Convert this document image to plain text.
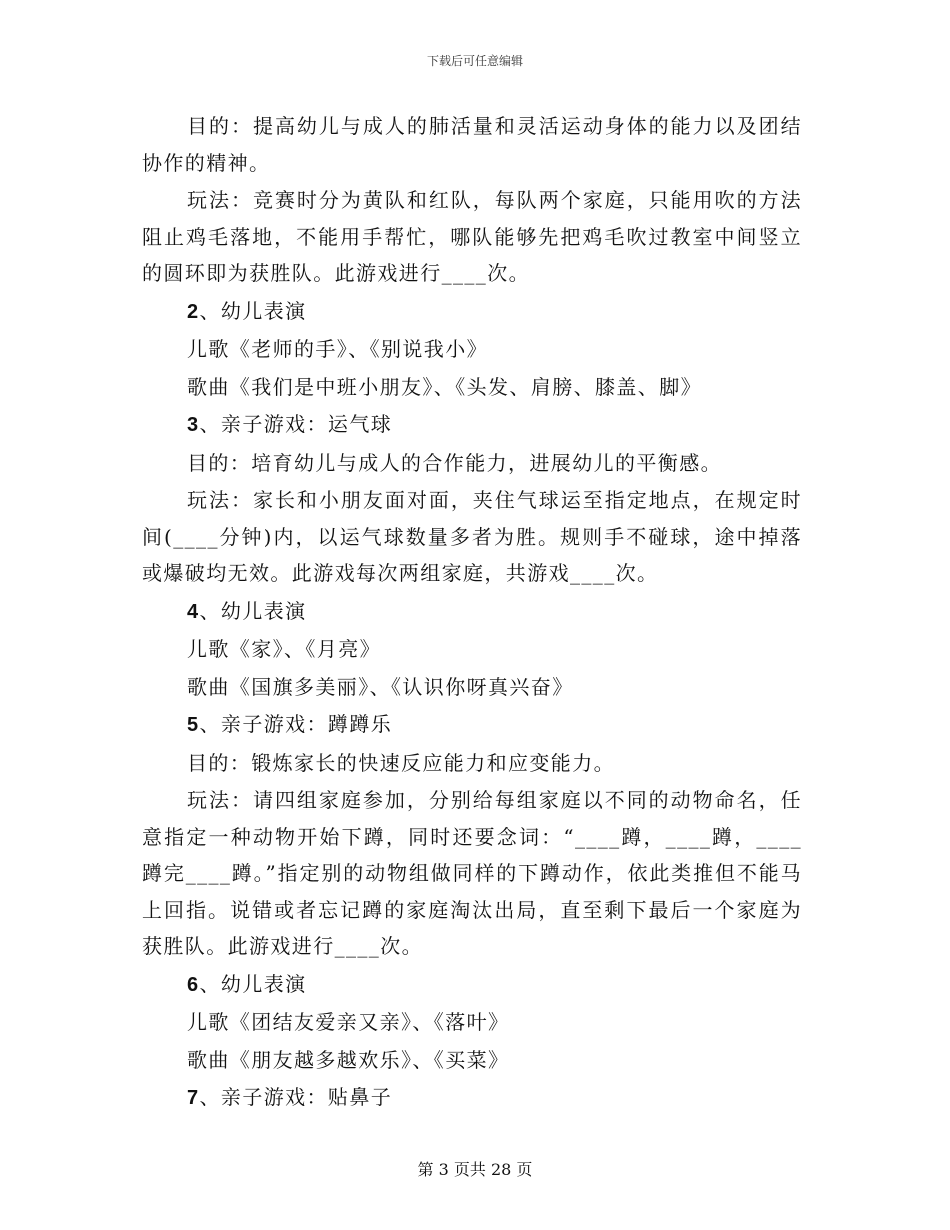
下载后可任意编辑

目的：提高幼儿与成人的肺活量和灵活运动身体的能力以及团结协作的精神。

玩法：竞赛时分为黄队和红队，每队两个家庭，只能用吹的方法阻止鸡毛落地，不能用手帮忙，哪队能够先把鸡毛吹过教室中间竖立的圆环即为获胜队。此游戏进行____次。

2、幼儿表演

儿歌《老师的手》、《别说我小》

歌曲《我们是中班小朋友》、《头发、肩膀、膝盖、脚》

3、亲子游戏：运气球

目的：培育幼儿与成人的合作能力，进展幼儿的平衡感。

玩法：家长和小朋友面对面，夹住气球运至指定地点，在规定时间(____分钟)内，以运气球数量多者为胜。规则手不碰球，途中掉落或爆破均无效。此游戏每次两组家庭，共游戏____次。

4、幼儿表演

儿歌《家》、《月亮》

歌曲《国旗多美丽》、《认识你呀真兴奋》

5、亲子游戏：蹲蹲乐

目的：锻炼家长的快速反应能力和应变能力。

玩法：请四组家庭参加，分别给每组家庭以不同的动物命名，任意指定一种动物开始下蹲，同时还要念词：“____蹲，____蹲，____蹲完____蹲。”指定别的动物组做同样的下蹲动作，依此类推但不能马上回指。说错或者忘记蹲的家庭淘汰出局，直至剩下最后一个家庭为获胜队。此游戏进行____次。

6、幼儿表演

儿歌《团结友爱亲又亲》、《落叶》

歌曲《朋友越多越欢乐》、《买菜》

7、亲子游戏：贴鼻子

第 3 页共 28 页
